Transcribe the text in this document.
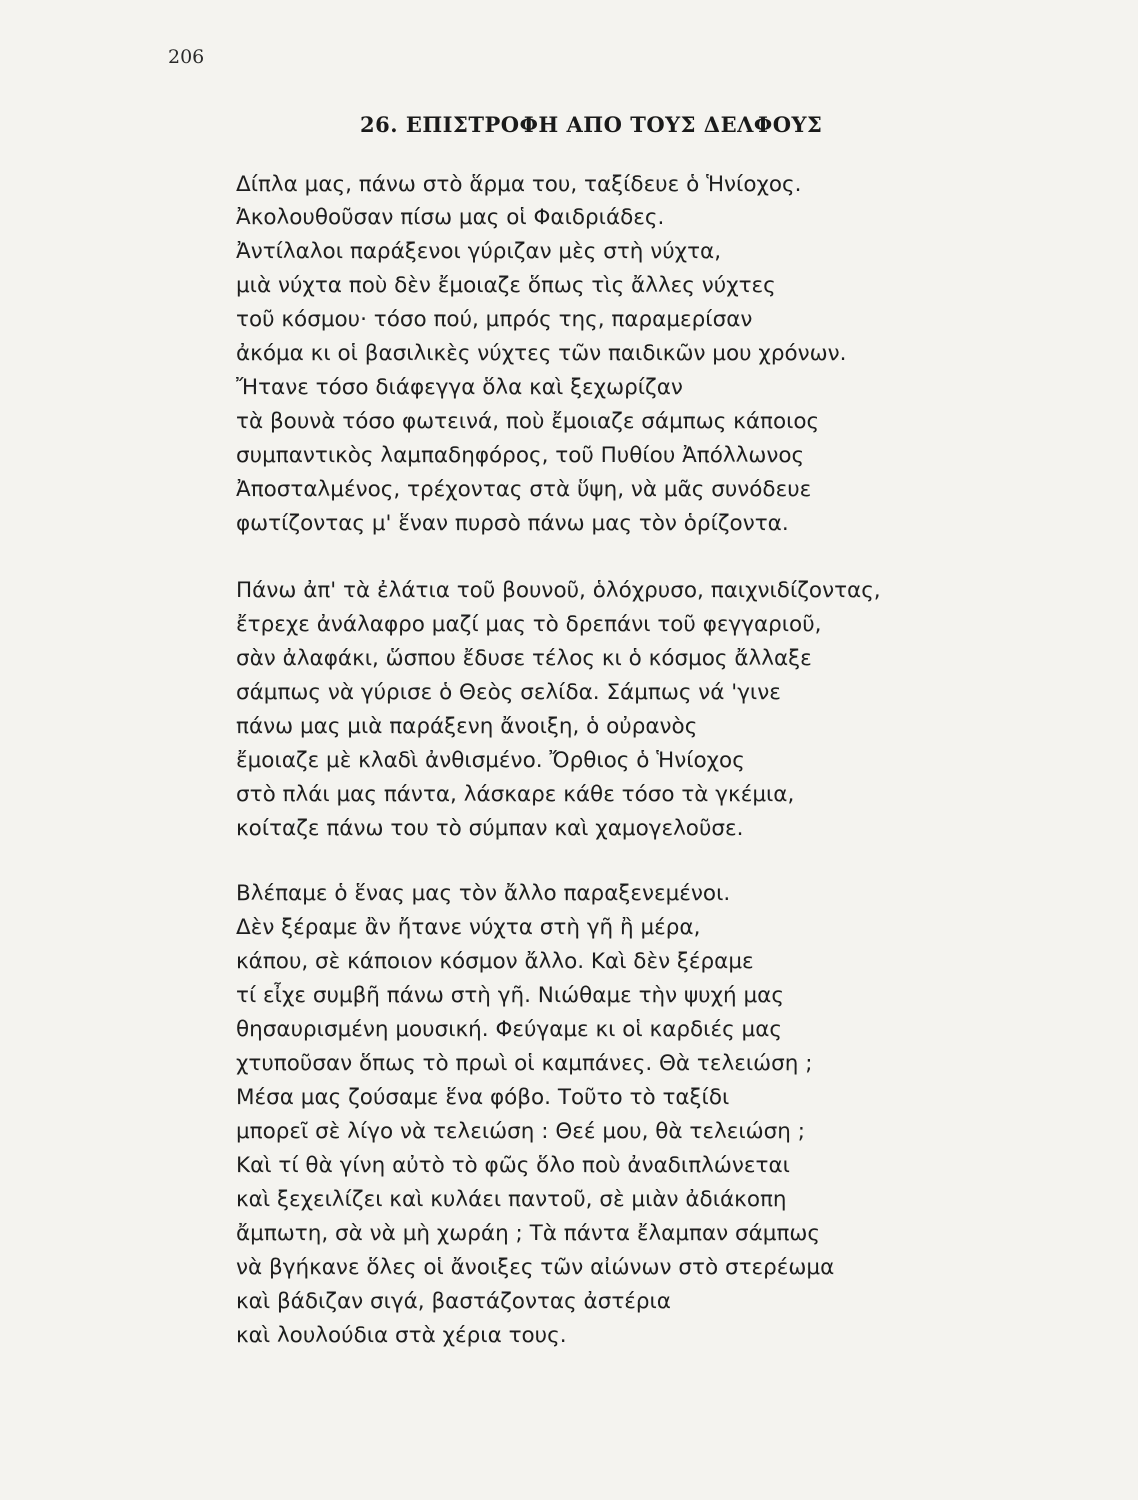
206
26. ΕΠΙΣΤΡΟΦΗ ΑΠΟ ΤΟΥΣ ΔΕΛΦΟΥΣ
Δίπλα μας, πάνω στὸ ἅρμα του, ταξίδευε ὁ Ἡνίοχος.
Ἀκολουθοῦσαν πίσω μας οἱ Φαιδριάδες.
Ἀντίλαλοι παράξενοι γύριζαν μὲς στὴ νύχτα,
μιὰ νύχτα ποὺ δὲν ἔμοιαζε ὅπως τὶς ἄλλες νύχτες
τοῦ κόσμου· τόσο πού, μπρός της, παραμερίσαν
ἀκόμα κι οἱ βασιλικὲς νύχτες τῶν παιδικῶν μου χρόνων.
Ἤτανε τόσο διάφεγγα ὅλα καὶ ξεχωρίζαν
τὰ βουνὰ τόσο φωτεινά, ποὺ ἔμοιαζε σάμπως κάποιος
συμπαντικὸς λαμπαδηφόρος, τοῦ Πυθίου Ἀπόλλωνος
Ἀποσταλμένος, τρέχοντας στὰ ὕψη, νὰ μᾶς συνόδευε
φωτίζοντας μ' ἕναν πυρσὸ πάνω μας τὸν ὁρίζοντα.
Πάνω ἀπ' τὰ ἐλάτια τοῦ βουνοῦ, ὁλόχρυσο, παιχνιδίζοντας,
ἔτρεχε ἀνάλαφρο μαζί μας τὸ δρεπάνι τοῦ φεγγαριοῦ,
σὰν ἀλαφάκι, ὥσπου ἔδυσε τέλος κι ὁ κόσμος ἄλλαξε
σάμπως νὰ γύρισε ὁ Θεὸς σελίδα. Σάμπως νά 'γινε
πάνω μας μιὰ παράξενη ἄνοιξη, ὁ οὐρανὸς
ἔμοιαζε μὲ κλαδὶ ἀνθισμένο. Ὄρθιος ὁ Ἡνίοχος
στὸ πλάι μας πάντα, λάσκαρε κάθε τόσο τὰ γκέμια,
κοίταζε πάνω του τὸ σύμπαν καὶ χαμογελοῦσε.
Βλέπαμε ὁ ἕνας μας τὸν ἄλλο παραξενεμένοι.
Δὲν ξέραμε ἂν ἤτανε νύχτα στὴ γῆ ἢ μέρα,
κάπου, σὲ κάποιον κόσμον ἄλλο. Καὶ δὲν ξέραμε
τί εἶχε συμβῆ πάνω στὴ γῆ. Νιώθαμε τὴν ψυχή μας
θησαυρισμένη μουσική. Φεύγαμε κι οἱ καρδιές μας
χτυποῦσαν ὅπως τὸ πρωὶ οἱ καμπάνες. Θὰ τελειώση ;
Μέσα μας ζούσαμε ἕνα φόβο. Τοῦτο τὸ ταξίδι
μπορεῖ σὲ λίγο νὰ τελειώση : Θεέ μου, θὰ τελειώση ;
Καὶ τί θὰ γίνη αὐτὸ τὸ φῶς ὅλο ποὺ ἀναδιπλώνεται
καὶ ξεχειλίζει καὶ κυλάει παντοῦ, σὲ μιὰν ἀδιάκοπη
ἄμπωτη, σὰ νὰ μὴ χωράη ; Τὰ πάντα ἔλαμπαν σάμπως
νὰ βγήκανε ὅλες οἱ ἄνοιξες τῶν αἰώνων στὸ στερέωμα
καὶ βάδιζαν σιγά, βαστάζοντας ἀστέρια
καὶ λουλούδια στὰ χέρια τους.
